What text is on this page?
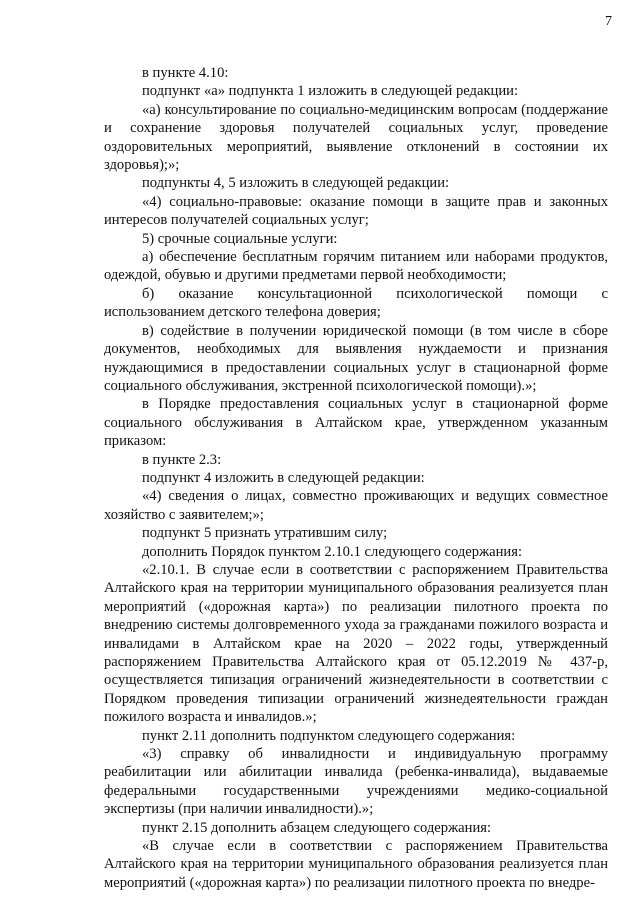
7

в пункте 4.10:

подпункт «а» подпункта 1 изложить в следующей редакции:

«а) консультирование по социально-медицинским вопросам (поддержание и сохранение здоровья получателей социальных услуг, проведение оздоровительных мероприятий, выявление отклонений в состоянии их здоровья);»;

подпункты 4, 5 изложить в следующей редакции:

«4) социально-правовые: оказание помощи в защите прав и законных интересов получателей социальных услуг;

5) срочные социальные услуги:

а) обеспечение бесплатным горячим питанием или наборами продуктов, одеждой, обувью и другими предметами первой необходимости;

б) оказание консультационной психологической помощи с использованием детского телефона доверия;

в) содействие в получении юридической помощи (в том числе в сборе документов, необходимых для выявления нуждаемости и признания нуждающимися в предоставлении социальных услуг в стационарной форме социального обслуживания, экстренной психологической помощи).»;

в Порядке предоставления социальных услуг в стационарной форме социального обслуживания в Алтайском крае, утвержденном указанным приказом:

в пункте 2.3:

подпункт 4 изложить в следующей редакции:

«4) сведения о лицах, совместно проживающих и ведущих совместное хозяйство с заявителем;»;

подпункт 5 признать утратившим силу;

дополнить Порядок пунктом 2.10.1 следующего содержания:

«2.10.1. В случае если в соответствии с распоряжением Правительства Алтайского края на территории муниципального образования реализуется план мероприятий («дорожная карта») по реализации пилотного проекта по внедрению системы долговременного ухода за гражданами пожилого возраста и инвалидами в Алтайском крае на 2020 – 2022 годы, утвержденный распоряжением Правительства Алтайского края от 05.12.2019 № 437-р, осуществляется типизация ограничений жизнедеятельности в соответствии с Порядком проведения типизации ограничений жизнедеятельности граждан пожилого возраста и инвалидов.»;

пункт 2.11 дополнить подпунктом следующего содержания:

«3) справку об инвалидности и индивидуальную программу реабилитации или абилитации инвалида (ребенка-инвалида), выдаваемые федеральными государственными учреждениями медико-социальной экспертизы (при наличии инвалидности).»;

пункт 2.15 дополнить абзацем следующего содержания:

«В случае если в соответствии с распоряжением Правительства Алтайского края на территории муниципального образования реализуется план мероприятий («дорожная карта») по реализации пилотного проекта по внедре-
